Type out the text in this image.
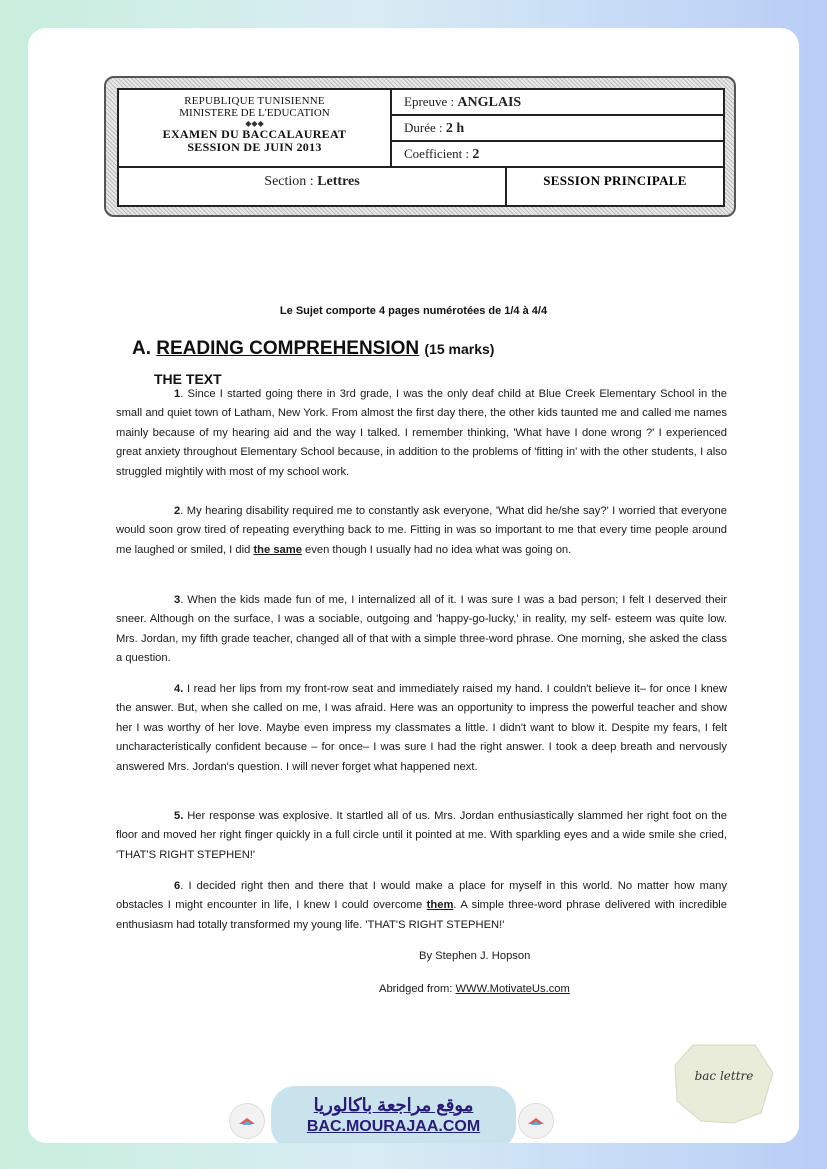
REPUBLIQUE TUNISIENNE
MINISTERE DE L'EDUCATION
◆◆◆
EXAMEN DU BACCALAUREAT
SESSION DE JUIN 2013
Epreuve : ANGLAIS
Durée : 2 h
Coefficient : 2
Section : Lettres	SESSION PRINCIPALE
Le Sujet comporte 4 pages numérotées de 1/4 à 4/4
A. READING COMPREHENSION (15 marks)
THE TEXT
1. Since I started going there in 3rd grade, I was the only deaf child at Blue Creek Elementary School in the small and quiet town of Latham, New York. From almost the first day there, the other kids taunted me and called me names mainly because of my hearing aid and the way I talked. I remember thinking, 'What have I done wrong ?' I experienced great anxiety throughout Elementary School because, in addition to the problems of 'fitting in' with the other students, I also struggled mightily with most of my school work.
2. My hearing disability required me to constantly ask everyone, 'What did he/she say?' I worried that everyone would soon grow tired of repeating everything back to me. Fitting in was so important to me that every time people around me laughed or smiled, I did the same even though I usually had no idea what was going on.
3. When the kids made fun of me, I internalized all of it. I was sure I was a bad person; I felt I deserved their sneer. Although on the surface, I was a sociable, outgoing and 'happy-go-lucky,' in reality, my self- esteem was quite low. Mrs. Jordan, my fifth grade teacher, changed all of that with a simple three-word phrase. One morning, she asked the class a question.
4. I read her lips from my front-row seat and immediately raised my hand. I couldn't believe it– for once I knew the answer. But, when she called on me, I was afraid. Here was an opportunity to impress the powerful teacher and show her I was worthy of her love. Maybe even impress my classmates a little. I didn't want to blow it. Despite my fears, I felt uncharacteristically confident because – for once– I was sure I had the right answer. I took a deep breath and nervously answered Mrs. Jordan's question. I will never forget what happened next.
5. Her response was explosive. It startled all of us. Mrs. Jordan enthusiastically slammed her right foot on the floor and moved her right finger quickly in a full circle until it pointed at me. With sparkling eyes and a wide smile she cried, 'THAT'S RIGHT STEPHEN!'
6. I decided right then and there that I would make a place for myself in this world. No matter how many obstacles I might encounter in life, I knew I could overcome them. A simple three-word phrase delivered with incredible enthusiasm had totally transformed my young life. 'THAT'S RIGHT STEPHEN!'
By Stephen J. Hopson
Abridged from: WWW.MotivateUs.com
موقع مراجعة باكالوريا
BAC.MOURAJAA.COM
bac lettre
